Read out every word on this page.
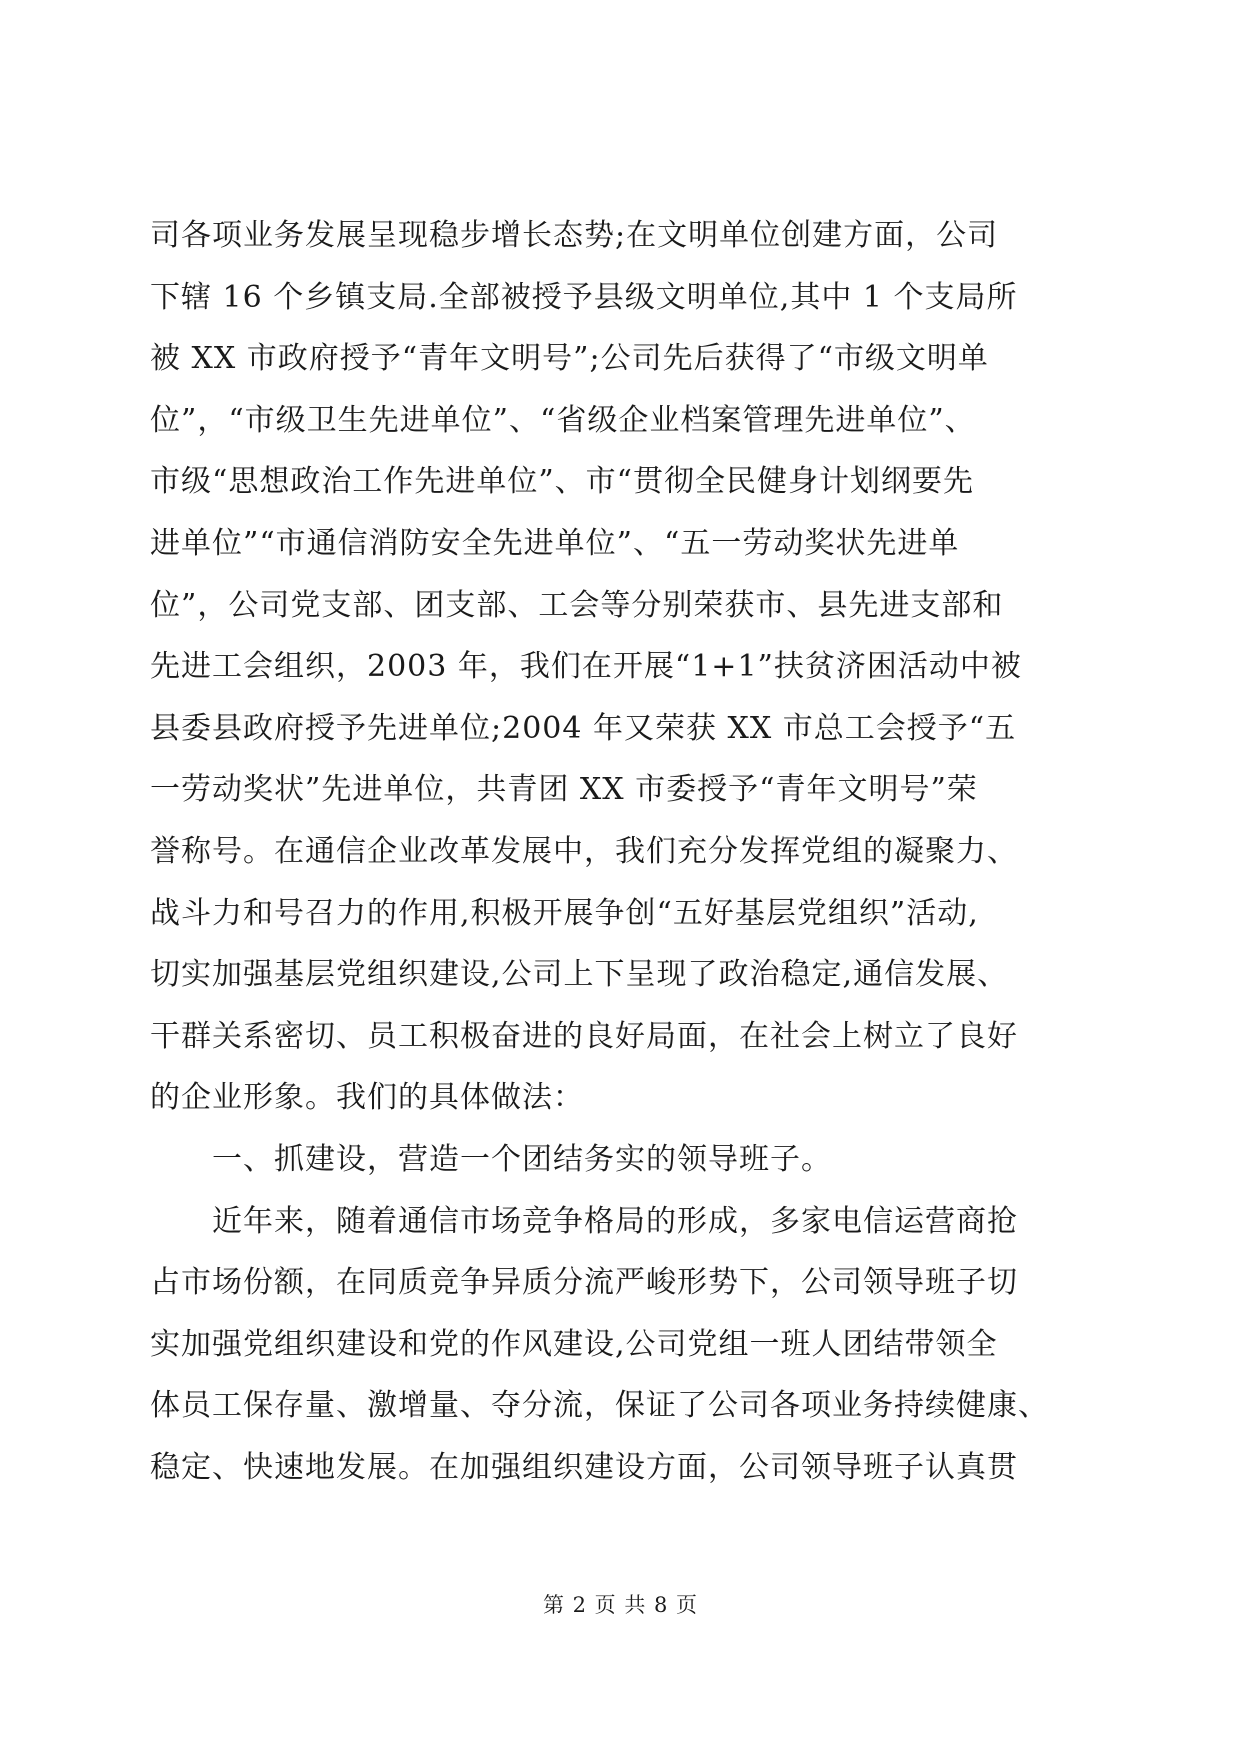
司各项业务发展呈现稳步增长态势;在文明单位创建方面，公司
下辖 16 个乡镇支局.全部被授予县级文明单位,其中 1 个支局所
被 XX 市政府授予“青年文明号”;公司先后获得了“市级文明单
位”，“市级卫生先进单位”、“省级企业档案管理先进单位”、
市级“思想政治工作先进单位”、市“贯彻全民健身计划纲要先
进单位”“市通信消防安全先进单位”、“五一劳动奖状先进单
位”，公司党支部、团支部、工会等分别荣获市、县先进支部和
先进工会组织，2003 年，我们在开展“1+1”扶贫济困活动中被
县委县政府授予先进单位;2004 年又荣获 XX 市总工会授予“五
一劳动奖状”先进单位，共青团 XX 市委授予“青年文明号”荣
誉称号。在通信企业改革发展中，我们充分发挥党组的凝聚力、
战斗力和号召力的作用,积极开展争创“五好基层党组织”活动,
切实加强基层党组织建设,公司上下呈现了政治稳定,通信发展、
干群关系密切、员工积极奋进的良好局面，在社会上树立了良好
的企业形象。我们的具体做法：
一、抓建设，营造一个团结务实的领导班子。
近年来，随着通信市场竞争格局的形成，多家电信运营商抢
占市场份额，在同质竞争异质分流严峻形势下，公司领导班子切
实加强党组织建设和党的作风建设,公司党组一班人团结带领全
体员工保存量、激增量、夺分流，保证了公司各项业务持续健康、
稳定、快速地发展。在加强组织建设方面，公司领导班子认真贯
第 2 页 共 8 页
